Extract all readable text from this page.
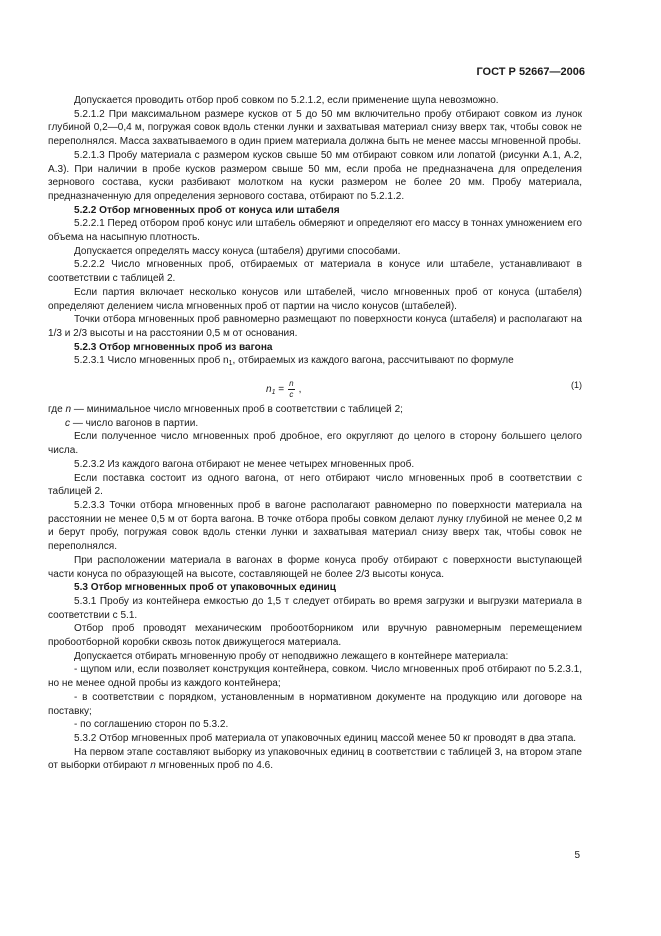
ГОСТ Р 52667—2006

Допускается проводить отбор проб совком по 5.2.1.2, если применение щупа невозможно.

5.2.1.2 При максимальном размере кусков от 5 до 50 мм включительно пробу отбирают совком из лунок глубиной 0,2—0,4 м, погружая совок вдоль стенки лунки и захватывая материал снизу вверх так, чтобы совок не переполнялся. Масса захватываемого в один прием материала должна быть не менее массы мгновенной пробы.

5.2.1.3 Пробу материала с размером кусков свыше 50 мм отбирают совком или лопатой (рисунки А.1, А.2, А.3). При наличии в пробе кусков размером свыше 50 мм, если проба не предназначена для определения зернового состава, куски разбивают молотком на куски размером не более 20 мм. Пробу материала, предназначенную для определения зернового состава, отбирают по 5.2.1.2.

5.2.2 Отбор мгновенных проб от конуса или штабеля

5.2.2.1 Перед отбором проб конус или штабель обмеряют и определяют его массу в тоннах умножением его объема на насыпную плотность.

Допускается определять массу конуса (штабеля) другими способами.

5.2.2.2 Число мгновенных проб, отбираемых от материала в конусе или штабеле, устанавливают в соответствии с таблицей 2.

Если партия включает несколько конусов или штабелей, число мгновенных проб от конуса (штабеля) определяют делением числа мгновенных проб от партии на число конусов (штабелей).

Точки отбора мгновенных проб равномерно размещают по поверхности конуса (штабеля) и располагают на 1/3 и 2/3 высоты и на расстоянии 0,5 м от основания.

5.2.3 Отбор мгновенных проб из вагона

5.2.3.1 Число мгновенных проб $n_1$, отбираемых из каждого вагона, рассчитывают по формуле

$n_1 = \frac{n}{c}$ ,	(1)

где n — минимальное число мгновенных проб в соответствии с таблицей 2;

c — число вагонов в партии.

Если полученное число мгновенных проб дробное, его округляют до целого в сторону большего целого числа.

5.2.3.2 Из каждого вагона отбирают не менее четырех мгновенных проб.

Если поставка состоит из одного вагона, от него отбирают число мгновенных проб в соответствии с таблицей 2.

5.2.3.3 Точки отбора мгновенных проб в вагоне располагают равномерно по поверхности материала на расстоянии не менее 0,5 м от борта вагона. В точке отбора пробы совком делают лунку глубиной не менее 0,2 м и берут пробу, погружая совок вдоль стенки лунки и захватывая материал снизу вверх так, чтобы совок не переполнялся.

При расположении материала в вагонах в форме конуса пробу отбирают с поверхности выступающей части конуса по образующей на высоте, составляющей не более 2/3 высоты конуса.

5.3 Отбор мгновенных проб от упаковочных единиц

5.3.1 Пробу из контейнера емкостью до 1,5 т следует отбирать во время загрузки и выгрузки материала в соответствии с 5.1.

Отбор проб проводят механическим пробоотборником или вручную равномерным перемещением пробоотборной коробки сквозь поток движущегося материала.

Допускается отбирать мгновенную пробу от неподвижно лежащего в контейнере материала:

- щупом или, если позволяет конструкция контейнера, совком. Число мгновенных проб отбирают по 5.2.3.1, но не менее одной пробы из каждого контейнера;

- в соответствии с порядком, установленным в нормативном документе на продукцию или договоре на поставку;

- по соглашению сторон по 5.3.2.

5.3.2 Отбор мгновенных проб материала от упаковочных единиц массой менее 50 кг проводят в два этапа.

На первом этапе составляют выборку из упаковочных единиц в соответствии с таблицей 3, на втором этапе от выборки отбирают n мгновенных проб по 4.6.

5
